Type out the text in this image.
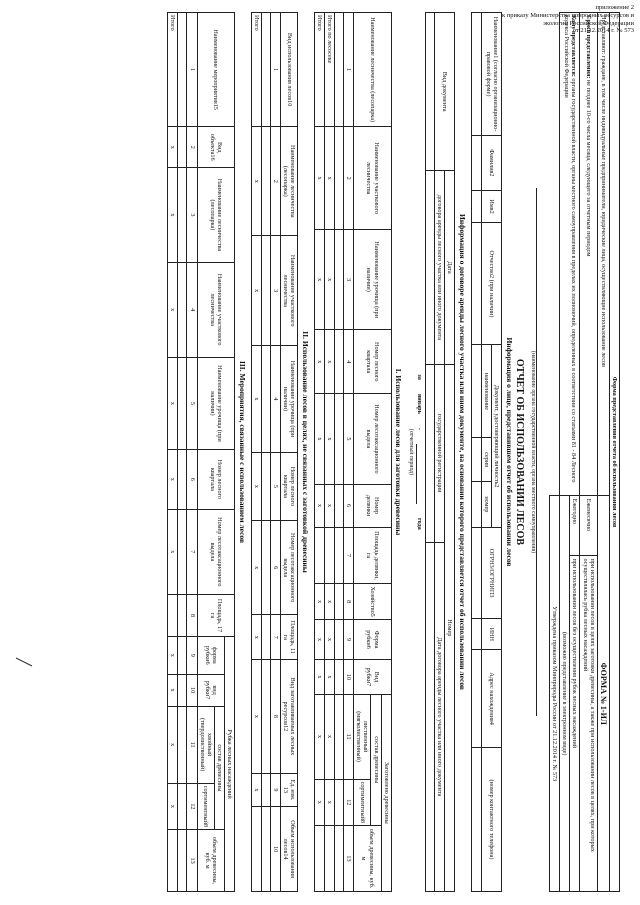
приложение 2
к приказу Министерства природных ресурсов и экологии Российской Федерации
от 21.12.2014 г. № 573
Форма представления отчета об использовании лесов		
Представляют: граждане, в том числе индивидуальные предприниматели, юридические лица, осуществляющие использование лесов	ФОРМА № 1-ИЛ	
Сроки представления: не позднее 10-го числа месяца, следующего за отчетным периодом	Ежемесячно	при использовании лесов в целях заготовки древесины, а также при использовании лесов в целях, при которых осуществлялась рубка лесных насаждений
Кому представляется: органы государственной власти, органы местного самоуправления в пределах их полномочий, определенных в соответствии со статьями 81 - 84 Лесного кодекса Российской Федерации	Ежегодно	при использовании лесов без осуществления рубок лесных насаждений
	(возможно представление в электронном виде)	
	Утверждена приказом Минприроды России от 21.12.2014 г. № 573	
(наименование органа государственной власти, органа местного самоуправления)
ОТЧЕТ ОБ ИСПОЛЬЗОВАНИИ ЛЕСОВ
Информация о лице, представившем отчет об использовании лесов
Наименование1 (согласно организационно-правовой форме)	Фамилия2	Имя2	Отчество2 (при наличии)	Документ, удостоверяющий личность2			ОГРН3/ОГРНИП3	ИНН	Адрес нахождения4	(номер контактного телефона)
				наименование	серия	номер				

Информация о договоре аренды лесного участка или ином документе, на основании которого представляется отчет об использовании лесов
Вид документа	Дата	Номер	
	договора аренды лесного участка или иного документа	государственной регистрации	Дата договора аренды лесного участка или иного документа

за
январь
-
года
(отчетный период)
I. Использование лесов для заготовки древесины
Наименование лесничества (лесопарка)	Наименование участкового лесничества	Наименование урочища (при наличии)	Номер лесного квартала	Номер лесотаксационного выдела	Номер делянки	Площадь делянки, га	Хозяйство5	Форма рубки6	Вид рубки7	Заготовлено древесины		
										состав древесины		объем древесины, куб. м
										лиственный (мягколиственный)	сортиментный8	
1	2	3	4	5	6	7	8	9	10	11	12	13

Итого по лесосеке	x	x	x	x	x		x	x	x	x	x	
Итого	x	x	x	x	x		x	x	x	x	x	
II. Использование лесов в целях, не связанных с заготовкой древесины
Вид использования лесов10	Наименование лесничества (лесопарка)	Наименование участкового лесничества	Наименование урочища (при наличии)	Номер лесного квартала	Номер лесотаксационного выдела	Площадь, 11 га	Вид заготавливаемых лесных ресурсов12	Ед. изм. 13	Объем использования лесов14
1	2	3	4	5	6	7	8	9	10

Итого	x	x	x	x	x	x	x	x	
III. Мероприятия, связанные с использованием лесов
Наименование мероприятия15	Вид объекта16	Наименование лесничества (лесопарка)	Наименование участкового лесничества	Наименование урочища (при наличии)	Номер лесного квартала	Номер лесотаксационного выдела	Площадь, 17 га	Рубка лесных насаждений				
								форма рубки6	вид рубки7	состав древесины		объем древесины, куб. м
										хвойный (твердолиственный)	сортиментный8	
1	2	3	4	5	6	7	8	9	10	11	12	13

Итого	x	x	x	x	x	x		x	x	x	x	
